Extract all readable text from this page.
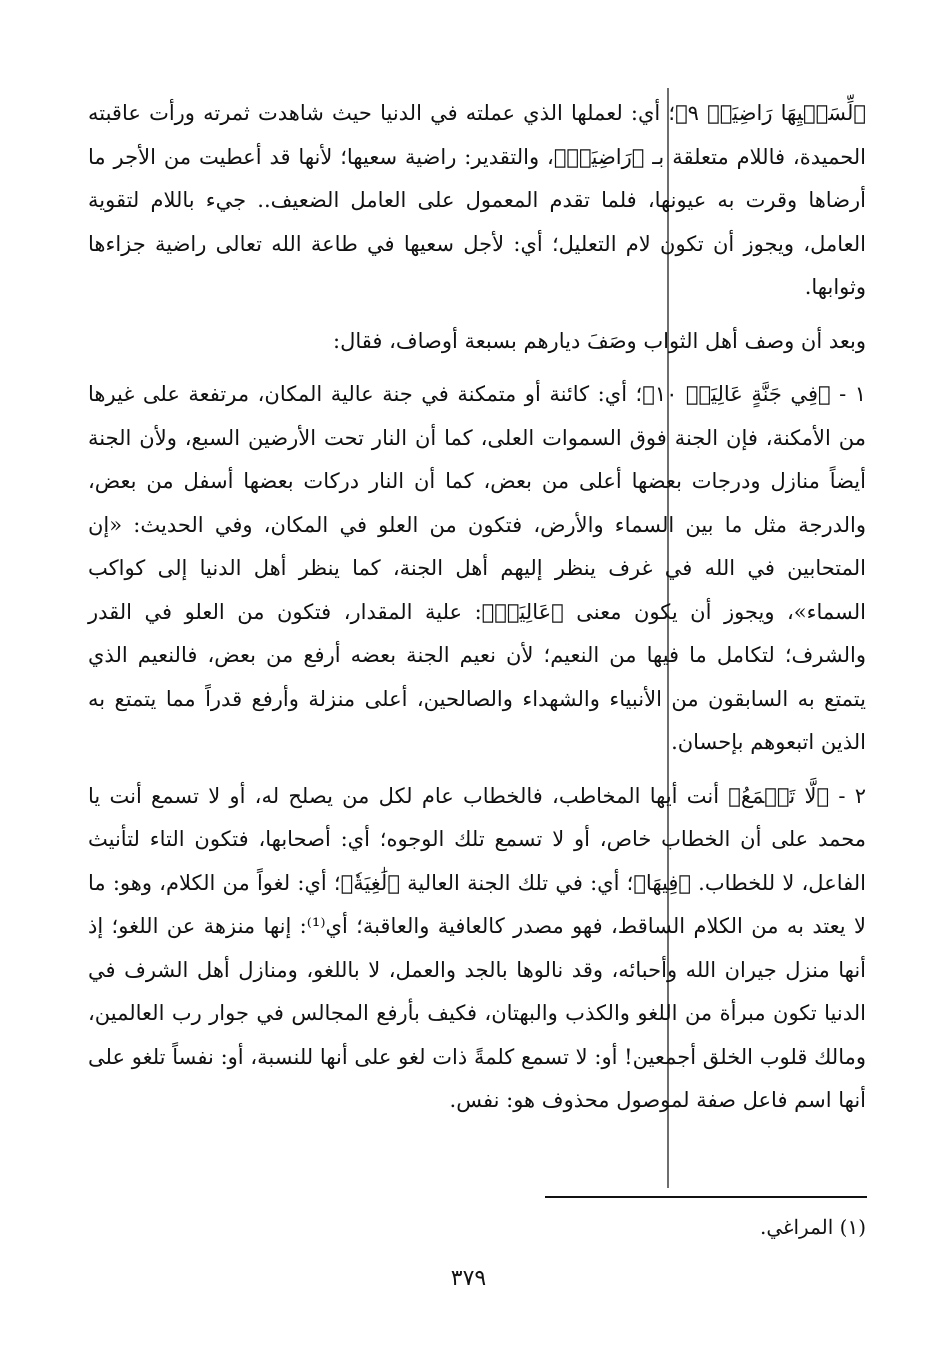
﴿لِّسَعۡيِهَا رَاضِيَةٞ ٩﴾؛ أي: لعملها الذي عملته في الدنيا حيث شاهدت ثمرته ورأت عاقبته الحميدة، فاللام متعلقة بـ ﴿رَاضِيَةٞ﴾، والتقدير: راضية سعيها؛ لأنها قد أعطيت من الأجر ما أرضاها وقرت به عيونها، فلما تقدم المعمول على العامل الضعيف.. جيء باللام لتقوية العامل، ويجوز أن تكون لام التعليل؛ أي: لأجل سعيها في طاعة الله تعالى راضية جزاءها وثوابها.

وبعد أن وصف أهل الثواب وصَفَ ديارهم بسبعة أوصاف، فقال:

١ - ﴿فِي جَنَّةٍ عَالِيَةٖ ١٠﴾؛ أي: كائنة أو متمكنة في جنة عالية المكان، مرتفعة على غيرها من الأمكنة، فإن الجنة فوق السموات العلى، كما أن النار تحت الأرضين السبع، ولأن الجنة أيضاً منازل ودرجات بعضها أعلى من بعض، كما أن النار دركات بعضها أسفل من بعض، والدرجة مثل ما بين السماء والأرض، فتكون من العلو في المكان، وفي الحديث: «إن المتحابين في الله في غرف ينظر إليهم أهل الجنة، كما ينظر أهل الدنيا إلى كواكب السماء»، ويجوز أن يكون معنى ﴿عَالِيَةٖ﴾: علية المقدار، فتكون من العلو في القدر والشرف؛ لتكامل ما فيها من النعيم؛ لأن نعيم الجنة بعضه أرفع من بعض، فالنعيم الذي يتمتع به السابقون من الأنبياء والشهداء والصالحين، أعلى منزلة وأرفع قدراً مما يتمتع به الذين اتبعوهم بإحسان.

٢ - ﴿لَّا تَسۡمَعُ﴾ أنت أيها المخاطب، فالخطاب عام لكل من يصلح له، أو لا تسمع أنت يا محمد على أن الخطاب خاص، أو لا تسمع تلك الوجوه؛ أي: أصحابها، فتكون التاء لتأنيث الفاعل، لا للخطاب. ﴿فِيهَا﴾؛ أي: في تلك الجنة العالية ﴿لَٰغِيَةٗ﴾؛ أي: لغواً من الكلام، وهو: ما لا يعتد به من الكلام الساقط، فهو مصدر كالعافية والعاقبة؛ أي⁽¹⁾: إنها منزهة عن اللغو؛ إذ أنها منزل جيران الله وأحبائه، وقد نالوها بالجد والعمل، لا باللغو، ومنازل أهل الشرف في الدنيا تكون مبرأة من اللغو والكذب والبهتان، فكيف بأرفع المجالس في جوار رب العالمين، ومالك قلوب الخلق أجمعين! أو: لا تسمع كلمةً ذات لغو على أنها للنسبة، أو: نفساً تلغو على أنها اسم فاعل صفة لموصول محذوف هو: نفس.

(١) المراغي.
٣٧٩
